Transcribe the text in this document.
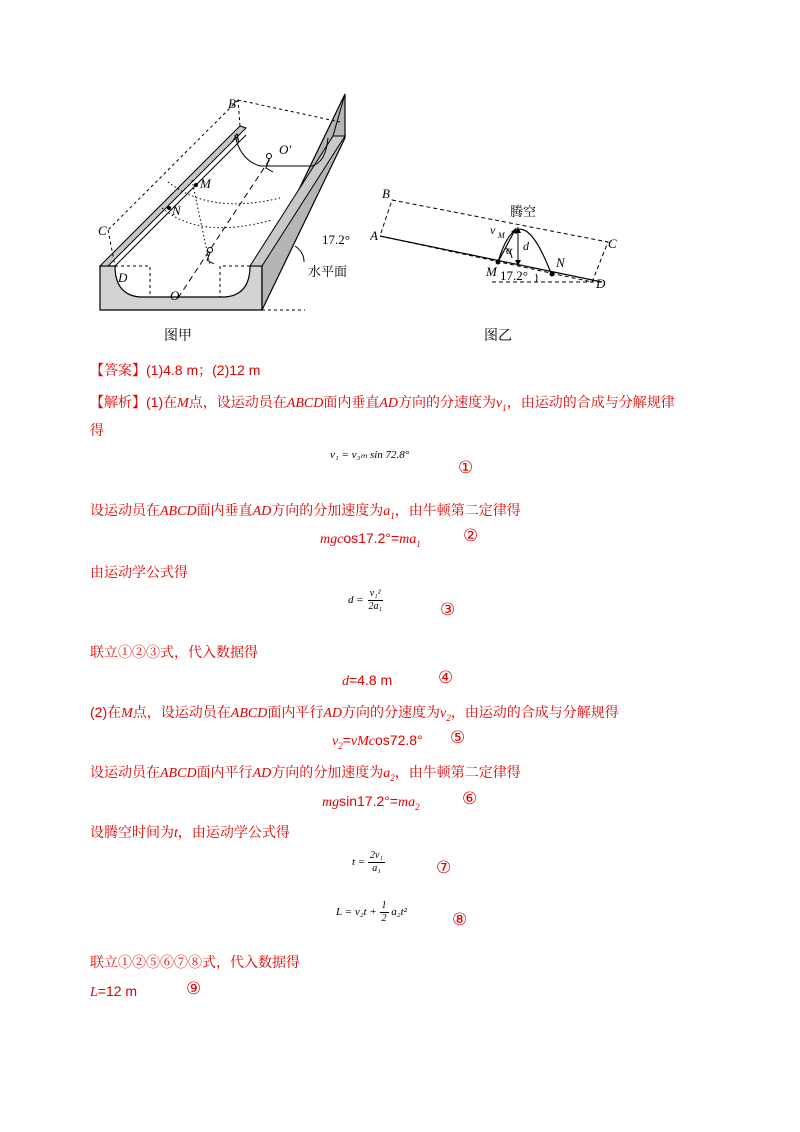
B
A
O′
M
N
C
D
O
17.2°
水平面
图甲
B
A
C
D
M
N
腾空
v M
α d
17.2°
图乙
【答案】(1)4.8 m；(2)12 m
【解析】(1)在M点，设运动员在ABCD面内垂直AD方向的分速度为$v_1$，由运动的合成与分解规律
得
v₁ = v₃ₘ sin 72.8°
①
设运动员在ABCD面内垂直AD方向的分加速度为$a_1$，由牛顿第二定律得
$mgcos17.2^\circ=ma_1$ ②
由运动学公式得
$d = \frac{\text{v₁²}}{\text{2a₁}}$	③
联立①②③式，代入数据得
d=4.8 m	④
(2)在M点，设运动员在ABCD面内平行AD方向的分速度为$v_2$，由运动的合成与分解规得
$v_2=vMcos72.8^\circ$ ⑤
设运动员在ABCD面内平行AD方向的分加速度为$a_2$，由牛顿第二定律得
$mgsin17.2^\circ=ma_2$ ⑥
设腾空时间为t，由运动学公式得
$t = \frac{\text{2v₁}}{\text{a₁}}$	⑦
$L = v_2t + \frac{1}{2} a_2t^2$	⑧
联立①②⑤⑥⑦⑧式，代入数据得
L=12 m	⑨
